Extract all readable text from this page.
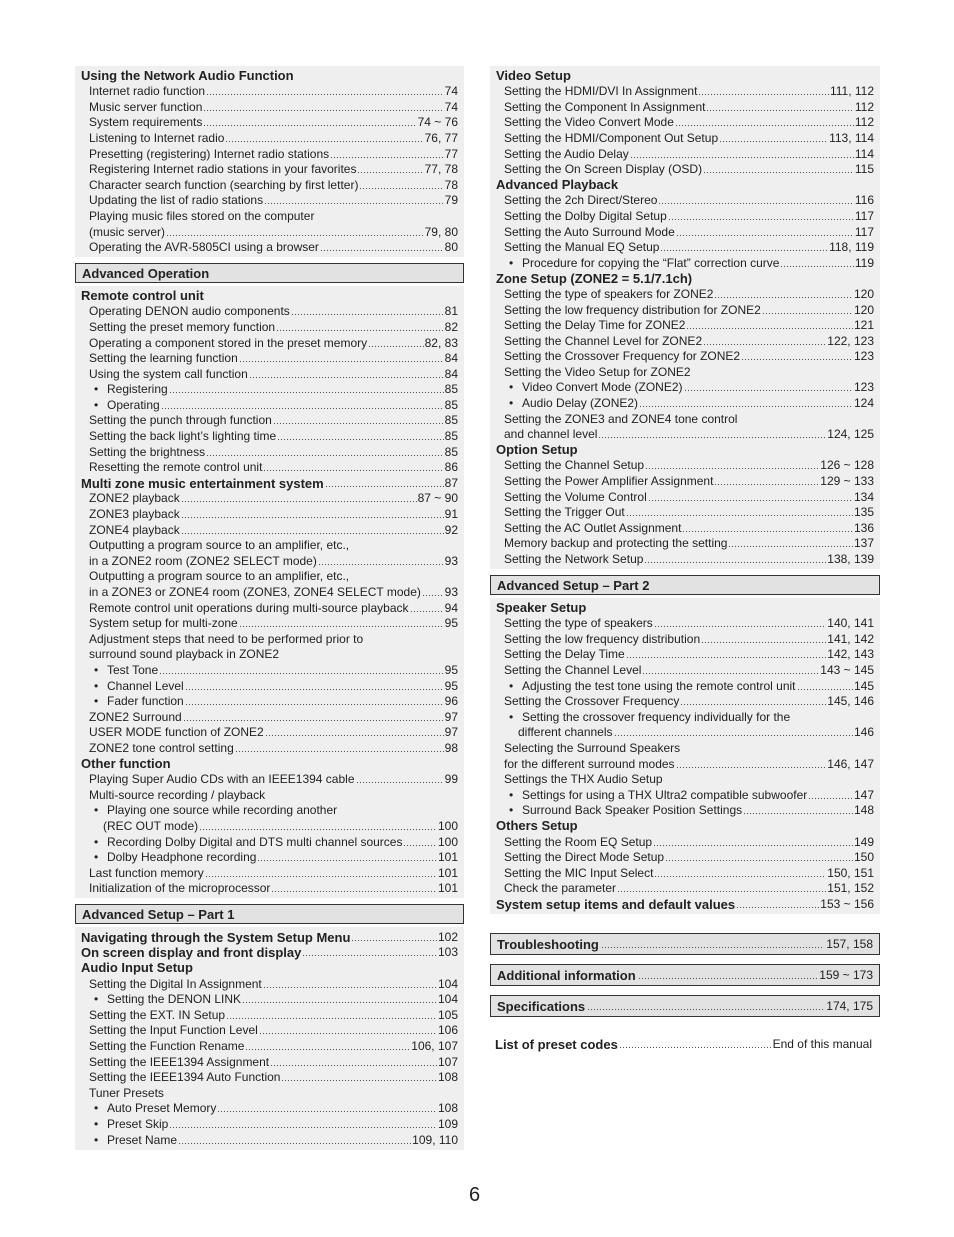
Using the Network Audio Function
Internet radio function	74
Music server function	74
System requirements	74 ~ 76
Listening to Internet radio	76, 77
Presetting (registering) Internet radio stations	77
Registering Internet radio stations in your favorites	77, 78
Character search function (searching by first letter)	78
Updating the list of radio stations	79
Playing music files stored on the computer
(music server)	79, 80
Operating the AVR-5805CI using a browser	80
Advanced Operation
Remote control unit
Operating DENON audio components	81
Setting the preset memory function	82
Operating a component stored in the preset memory	82, 83
Setting the learning function	84
Using the system call function	84
• Registering	85
• Operating	85
Setting the punch through function	85
Setting the back light’s lighting time	85
Setting the brightness	85
Resetting the remote control unit	86
Multi zone music entertainment system	87
ZONE2 playback	87 ~ 90
ZONE3 playback	91
ZONE4 playback	92
Outputting a program source to an amplifier, etc.,
in a ZONE2 room (ZONE2 SELECT mode)	93
Outputting a program source to an amplifier, etc.,
in a ZONE3 or ZONE4 room (ZONE3, ZONE4 SELECT mode) 93
Remote control unit operations during multi-source playback	94
System setup for multi-zone	95
Adjustment steps that need to be performed prior to
surround sound playback in ZONE2
• Test Tone	95
• Channel Level	95
• Fader function	96
ZONE2 Surround	97
USER MODE function of ZONE2	97
ZONE2 tone control setting	98
Other function
Playing Super Audio CDs with an IEEE1394 cable	99
Multi-source recording / playback
• Playing one source while recording another
(REC OUT mode)	100
• Recording Dolby Digital and DTS multi channel sources	100
• Dolby Headphone recording	101
Last function memory	101
Initialization of the microprocessor	101
Advanced Setup – Part 1
Navigating through the System Setup Menu	102
On screen display and front display	103
Audio Input Setup
Setting the Digital In Assignment	104
• Setting the DENON LINK	104
Setting the EXT. IN Setup	105
Setting the Input Function Level	106
Setting the Function Rename	106, 107
Setting the IEEE1394 Assignment	107
Setting the IEEE1394 Auto Function	108
Tuner Presets
• Auto Preset Memory	108
• Preset Skip	109
• Preset Name	109, 110
Video Setup
Setting the HDMI/DVI In Assignment	111, 112
Setting the Component In Assignment	112
Setting the Video Convert Mode	112
Setting the HDMI/Component Out Setup	113, 114
Setting the Audio Delay	114
Setting the On Screen Display (OSD)	115
Advanced Playback
Setting the 2ch Direct/Stereo	116
Setting the Dolby Digital Setup	117
Setting the Auto Surround Mode	117
Setting the Manual EQ Setup	118, 119
• Procedure for copying the “Flat” correction curve	119
Zone Setup (ZONE2 = 5.1/7.1ch)
Setting the type of speakers for ZONE2	120
Setting the low frequency distribution for ZONE2	120
Setting the Delay Time for ZONE2	121
Setting the Channel Level for ZONE2	122, 123
Setting the Crossover Frequency for ZONE2	123
Setting the Video Setup for ZONE2
• Video Convert Mode (ZONE2)	123
• Audio Delay (ZONE2)	124
Setting the ZONE3 and ZONE4 tone control
and channel level	124, 125
Option Setup
Setting the Channel Setup	126 ~ 128
Setting the Power Amplifier Assignment	129 ~ 133
Setting the Volume Control	134
Setting the Trigger Out	135
Setting the AC Outlet Assignment	136
Memory backup and protecting the setting	137
Setting the Network Setup	138, 139
Advanced Setup – Part 2
Speaker Setup
Setting the type of speakers	140, 141
Setting the low frequency distribution	141, 142
Setting the Delay Time	142, 143
Setting the Channel Level	143 ~ 145
• Adjusting the test tone using the remote control unit	145
Setting the Crossover Frequency	145, 146
• Setting the crossover frequency individually for the
different channels	146
Selecting the Surround Speakers
for the different surround modes	146, 147
Settings the THX Audio Setup
• Settings for using a THX Ultra2 compatible subwoofer	147
• Surround Back Speaker Position Settings	148
Others Setup
Setting the Room EQ Setup	149
Setting the Direct Mode Setup	150
Setting the MIC Input Select	150, 151
Check the parameter	151, 152
System setup items and default values	153 ~ 156
Troubleshooting	157, 158
Additional information	159 ~ 173
Specifications	174, 175
List of preset codes	End of this manual
6
